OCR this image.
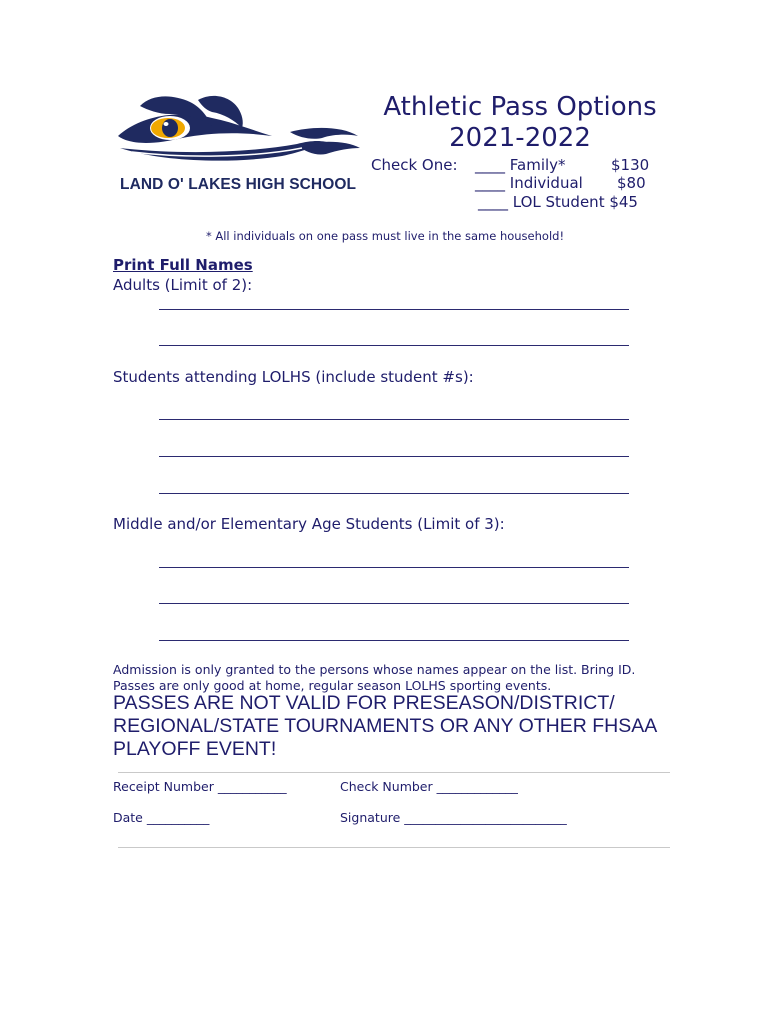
LAND O' LAKES HIGH SCHOOL
Athletic Pass Options
2021-2022
Check One: ____ Family*	$130
____ Individual $80
____ LOL Student $45
* All individuals on one pass must live in the same household!
Print Full Names
Adults (Limit of 2):
Students attending LOLHS (include student #s):
Middle and/or Elementary Age Students (Limit of 3):
Admission is only granted to the persons whose names appear on the list. Bring ID.
Passes are only good at home, regular season LOLHS sporting events.
PASSES ARE NOT VALID FOR PRESEASON/DISTRICT/ REGIONAL/STATE TOURNAMENTS OR ANY OTHER FHSAA PLAYOFF EVENT!
Receipt Number ___________	Check Number _____________
Date __________	Signature __________________________
